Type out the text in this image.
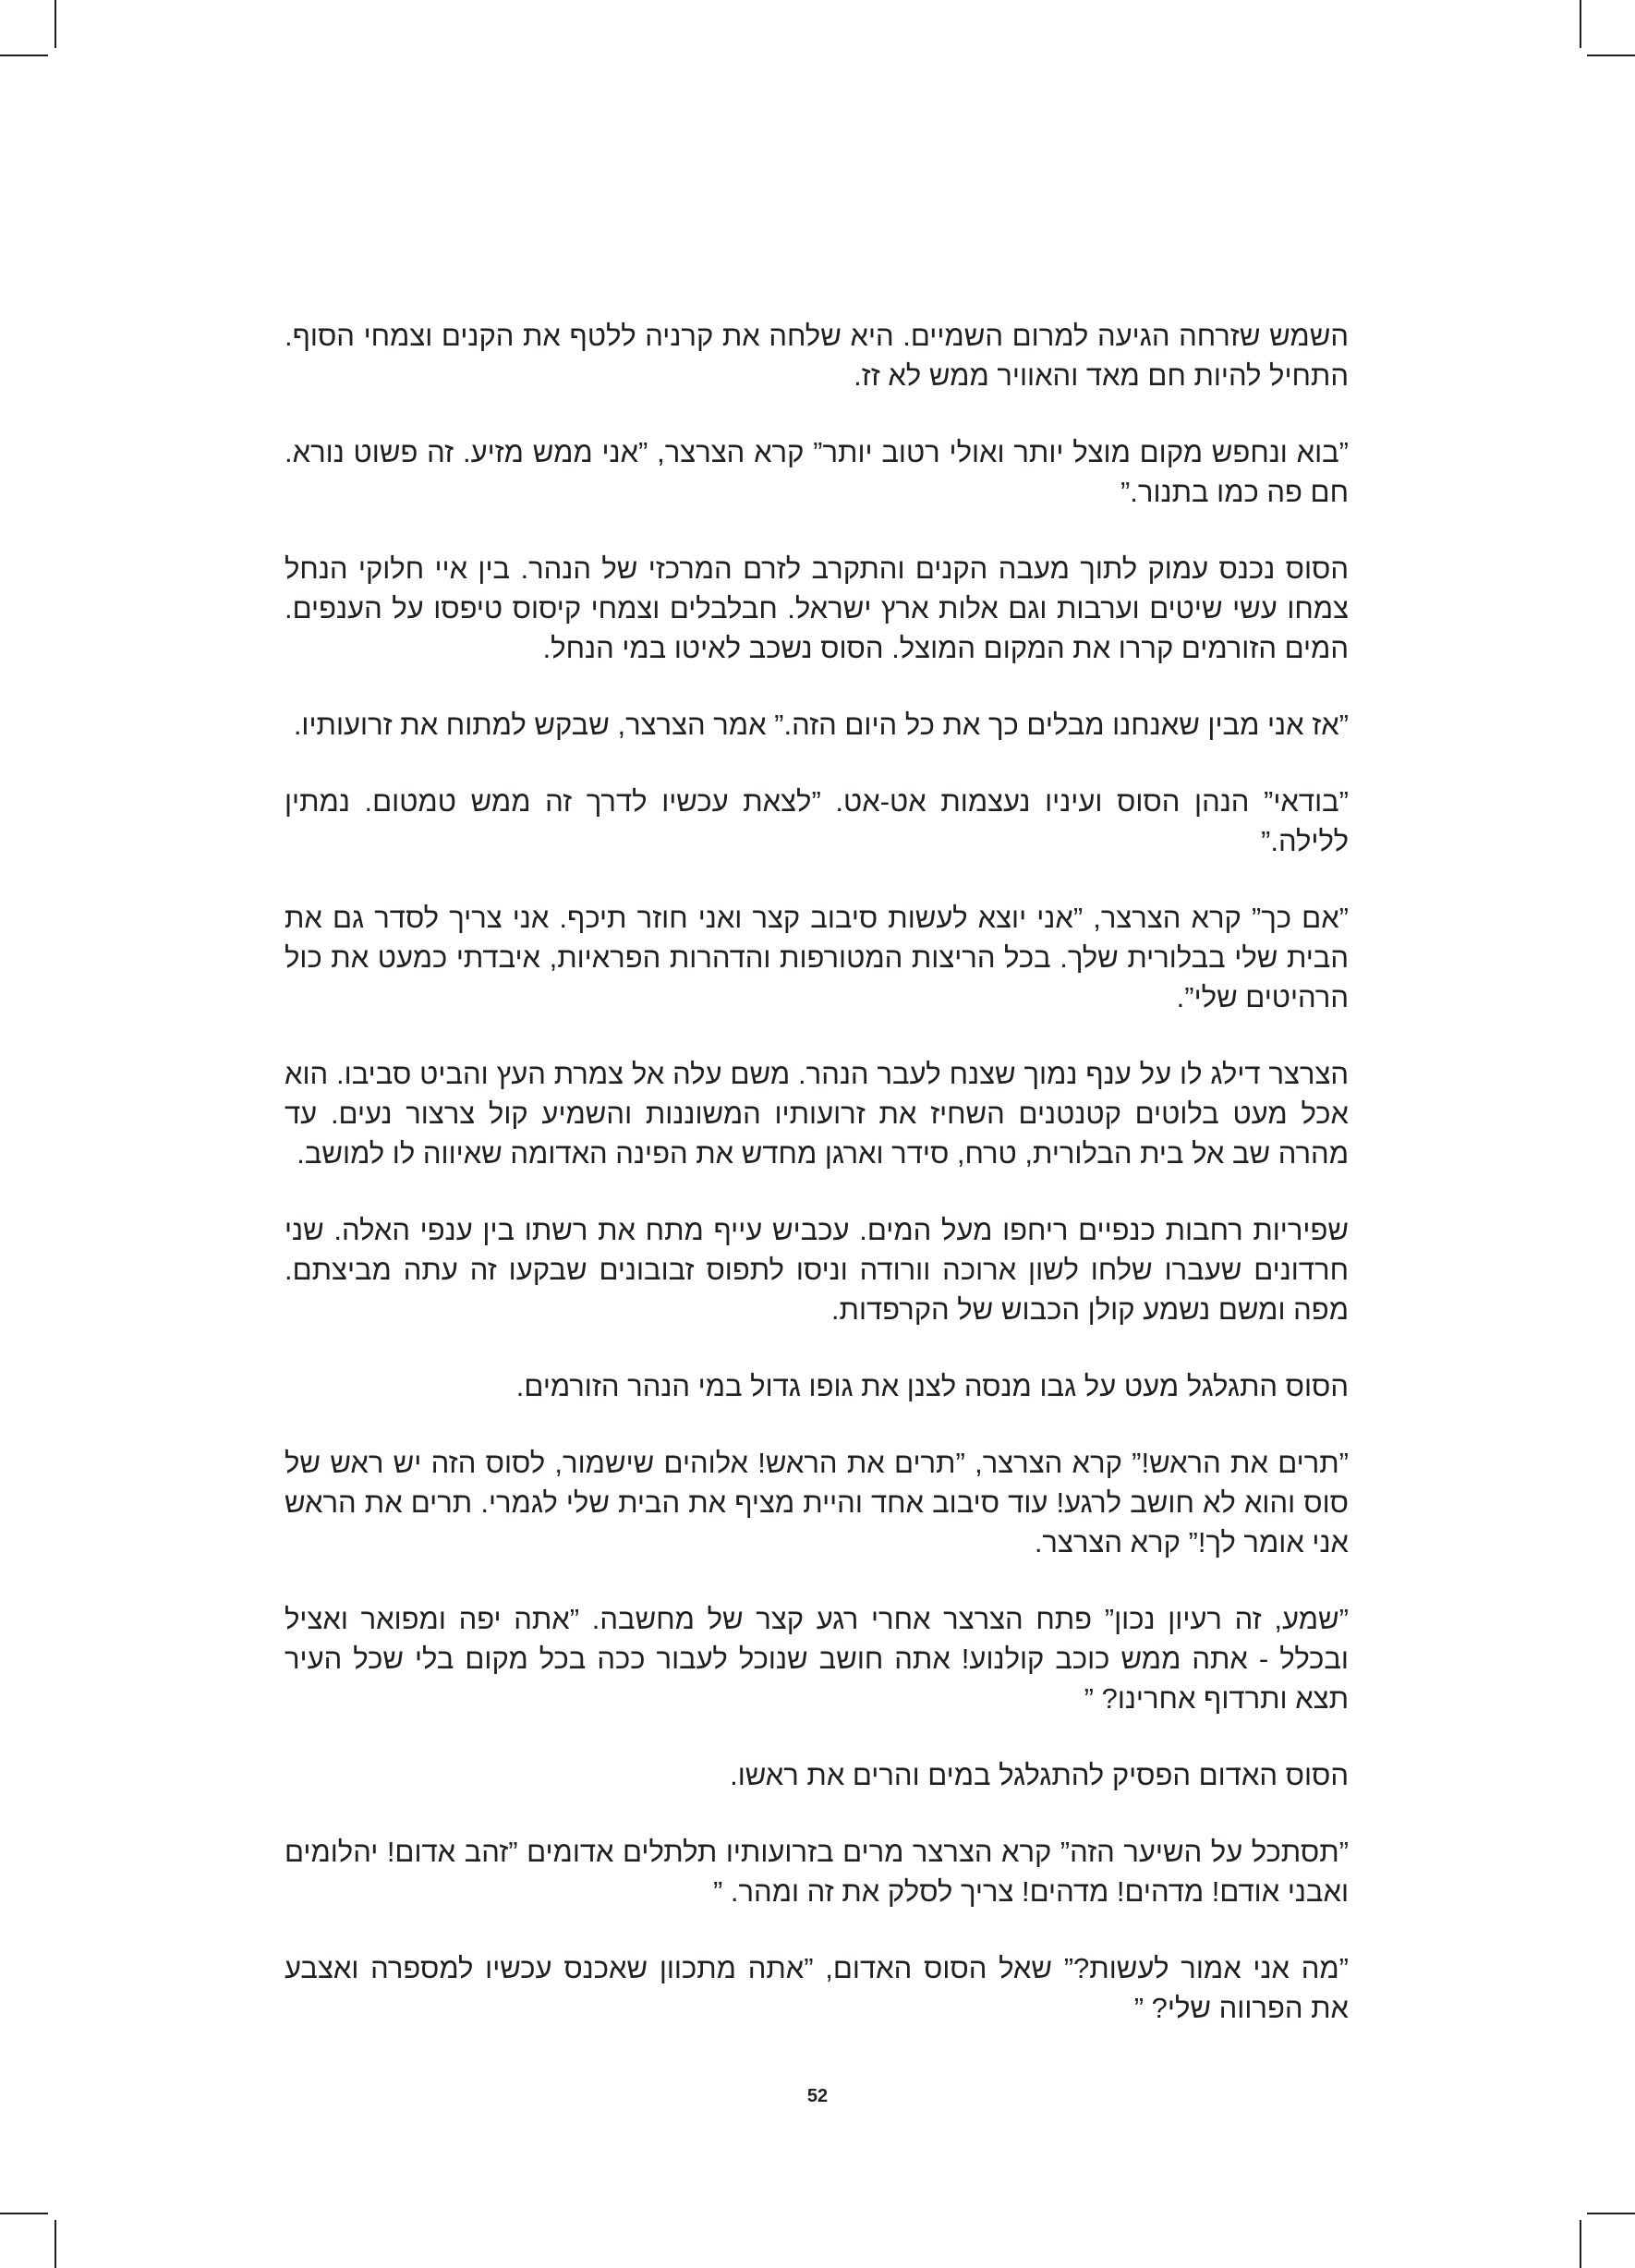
השמש שזרחה הגיעה למרום השמיים. היא שלחה את קרניה ללטף את הקנים וצמחי הסוף. התחיל להיות חם מאד והאוויר ממש לא זז.

”בוא ונחפש מקום מוצל יותר ואולי רטוב יותר” קרא הצרצר, ”אני ממש מזיע. זה פשוט נורא. חם פה כמו בתנור.”

הסוס נכנס עמוק לתוך מעבה הקנים והתקרב לזרם המרכזי של הנהר. בין איי חלוקי הנחל צמחו עשי שיטים וערבות וגם אלות ארץ ישראל. חבלבלים וצמחי קיסוס טיפסו על הענפים. המים הזורמים קררו את המקום המוצל. הסוס נשכב לאיטו במי הנחל.

”אז אני מבין שאנחנו מבלים כך את כל היום הזה.” אמר הצרצר, שבקש למתוח את זרועותיו.

”בודאי” הנהן הסוס ועיניו נעצמות אט-אט. ”לצאת עכשיו לדרך זה ממש טמטום. נמתין ללילה.”

”אם כך” קרא הצרצר, ”אני יוצא לעשות סיבוב קצר ואני חוזר תיכף. אני צריך לסדר גם את הבית שלי בבלורית שלך. בכל הריצות המטורפות והדהרות הפראיות, איבדתי כמעט את כול הרהיטים שלי”.

הצרצר דילג לו על ענף נמוך שצנח לעבר הנהר. משם עלה אל צמרת העץ והביט סביבו. הוא אכל מעט בלוטים קטנטנים השחיז את זרועותיו המשוננות והשמיע קול צרצור נעים. עד מהרה שב אל בית הבלורית, טרח, סידר וארגן מחדש את הפינה האדומה שאיווה לו למושב.

שפיריות רחבות כנפיים ריחפו מעל המים. עכביש עייף מתח את רשתו בין ענפי האלה. שני חרדונים שעברו שלחו לשון ארוכה וורודה וניסו לתפוס זבובונים שבקעו זה עתה מביצתם. מפה ומשם נשמע קולן הכבוש של הקרפדות.

הסוס התגלגל מעט על גבו מנסה לצנן את גופו גדול במי הנהר הזורמים.

”תרים את הראש!” קרא הצרצר, ”תרים את הראש! אלוהים שישמור, לסוס הזה יש ראש של סוס והוא לא חושב לרגע! עוד סיבוב אחד והיית מציף את הבית שלי לגמרי. תרים את הראש אני אומר לך!” קרא הצרצר.

”שמע, זה רעיון נכון” פתח הצרצר אחרי רגע קצר של מחשבה. ”אתה יפה ומפואר ואציל ובכלל - אתה ממש כוכב קולנוע! אתה חושב שנוכל לעבור ככה בכל מקום בלי שכל העיר תצא ותרדוף אחרינו? ”

הסוס האדום הפסיק להתגלגל במים והרים את ראשו.

”תסתכל על השיער הזה” קרא הצרצר מרים בזרועותיו תלתלים אדומים ”זהב אדום! יהלומים ואבני אודם! מדהים! מדהים! צריך לסלק את זה ומהר. ”

”מה אני אמור לעשות?” שאל הסוס האדום, ”אתה מתכוון שאכנס עכשיו למספרה ואצבע את הפרווה שלי? ”

52
